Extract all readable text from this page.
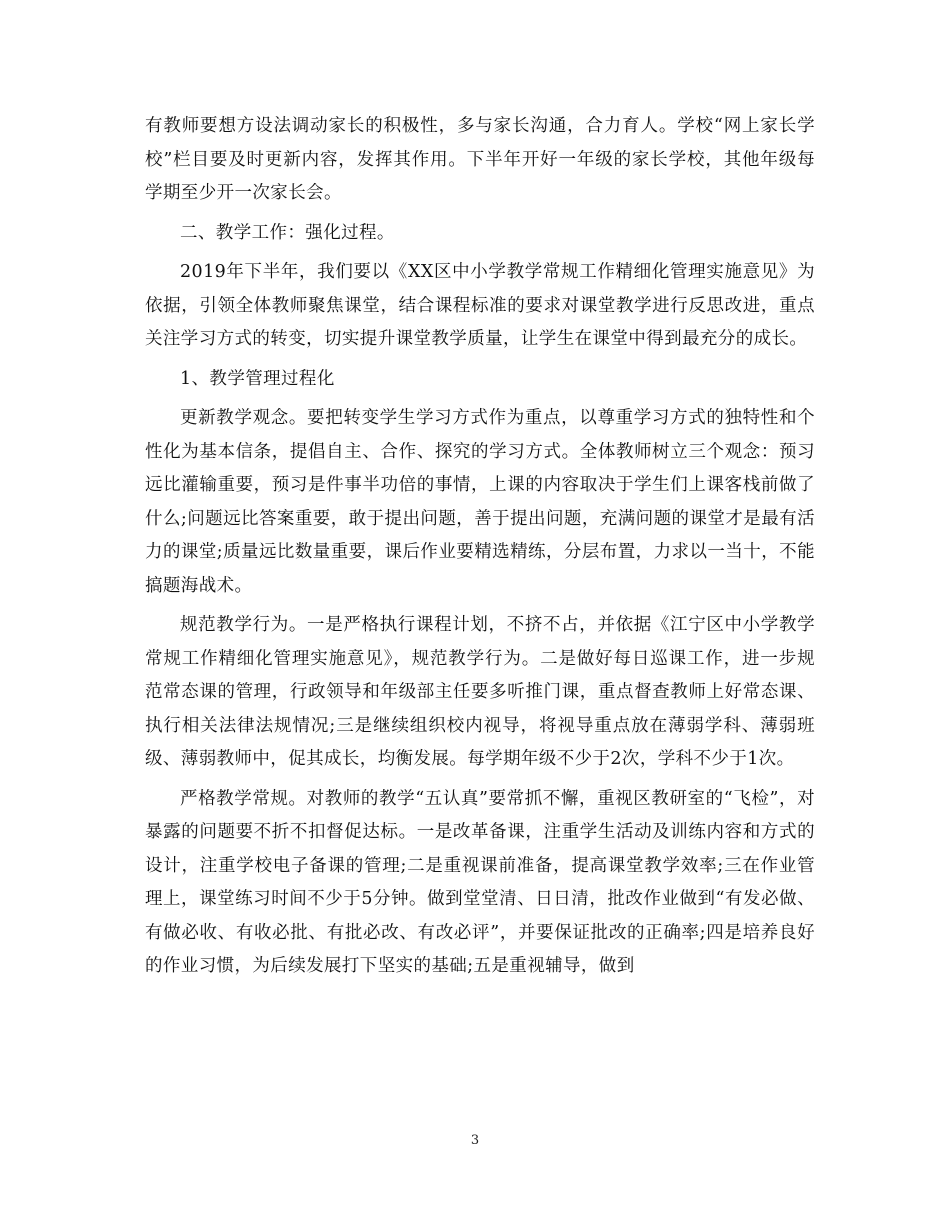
有教师要想方设法调动家长的积极性，多与家长沟通，合力育人。学校“网上家长学校”栏目要及时更新内容，发挥其作用。下半年开好一年级的家长学校，其他年级每学期至少开一次家长会。

二、教学工作：强化过程。

2019年下半年，我们要以《XX区中小学教学常规工作精细化管理实施意见》为依据，引领全体教师聚焦课堂，结合课程标准的要求对课堂教学进行反思改进，重点关注学习方式的转变，切实提升课堂教学质量，让学生在课堂中得到最充分的成长。

1、教学管理过程化

更新教学观念。要把转变学生学习方式作为重点，以尊重学习方式的独特性和个性化为基本信条，提倡自主、合作、探究的学习方式。全体教师树立三个观念：预习远比灌输重要，预习是件事半功倍的事情，上课的内容取决于学生们上课客栈前做了什么;问题远比答案重要，敢于提出问题，善于提出问题，充满问题的课堂才是最有活力的课堂;质量远比数量重要，课后作业要精选精练，分层布置，力求以一当十，不能搞题海战术。

规范教学行为。一是严格执行课程计划，不挤不占，并依据《江宁区中小学教学常规工作精细化管理实施意见》，规范教学行为。二是做好每日巡课工作，进一步规范常态课的管理，行政领导和年级部主任要多听推门课，重点督查教师上好常态课、执行相关法律法规情况;三是继续组织校内视导，将视导重点放在薄弱学科、薄弱班级、薄弱教师中，促其成长，均衡发展。每学期年级不少于2次，学科不少于1次。

严格教学常规。对教师的教学“五认真”要常抓不懈，重视区教研室的“飞检”，对暴露的问题要不折不扣督促达标。一是改革备课，注重学生活动及训练内容和方式的设计，注重学校电子备课的管理;二是重视课前准备，提高课堂教学效率;三在作业管理上，课堂练习时间不少于5分钟。做到堂堂清、日日清，批改作业做到“有发必做、有做必收、有收必批、有批必改、有改必评”，并要保证批改的正确率;四是培养良好的作业习惯，为后续发展打下坚实的基础;五是重视辅导，做到

3
